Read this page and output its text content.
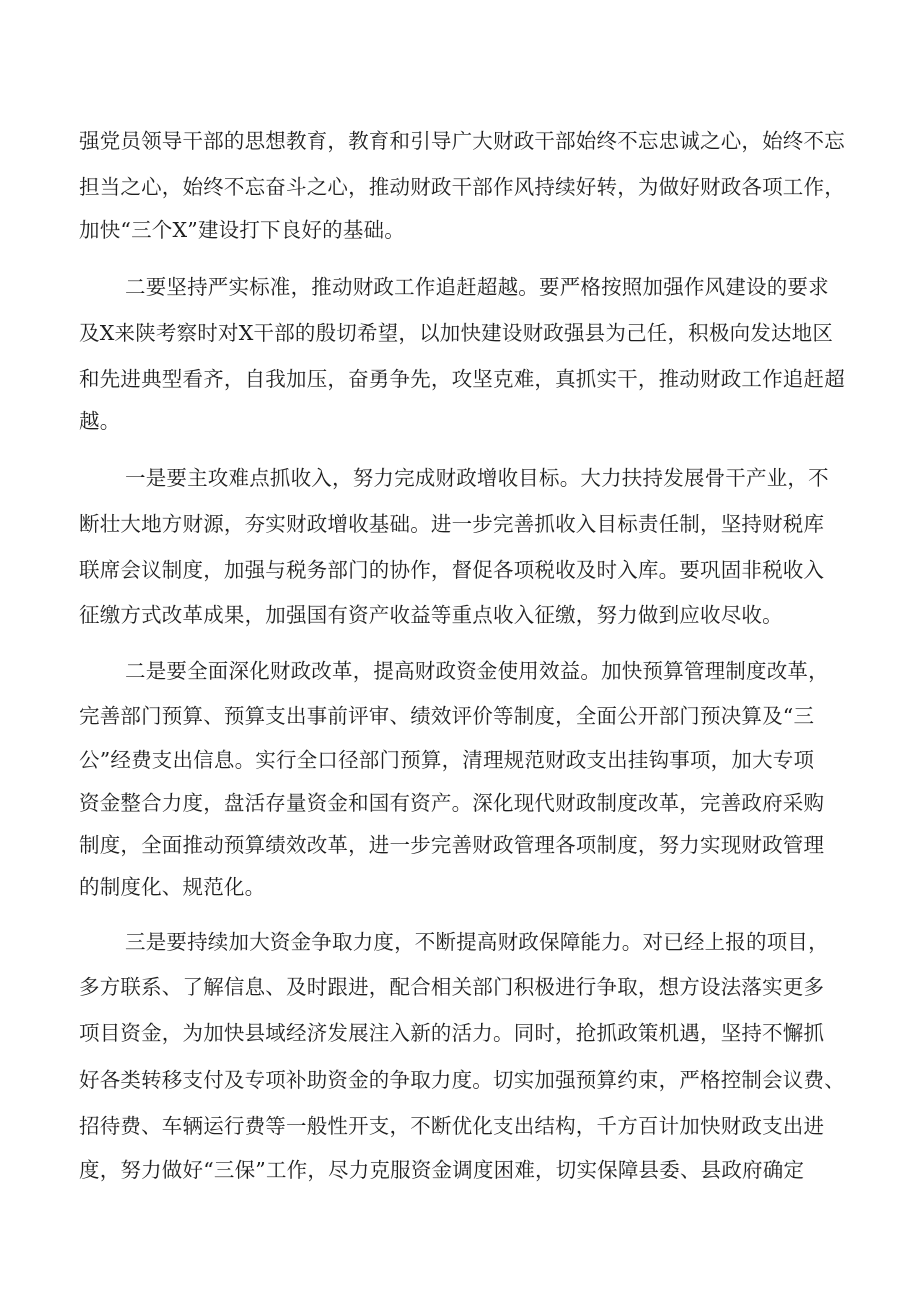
强党员领导干部的思想教育，教育和引导广大财政干部始终不忘忠诚之心，始终不忘
担当之心，始终不忘奋斗之心，推动财政干部作风持续好转，为做好财政各项工作，
加快“三个X”建设打下良好的基础。
二要坚持严实标准，推动财政工作追赶超越。要严格按照加强作风建设的要求
及X来陕考察时对X干部的殷切希望，以加快建设财政强县为己任，积极向发达地区
和先进典型看齐，自我加压，奋勇争先，攻坚克难，真抓实干，推动财政工作追赶超
越。
一是要主攻难点抓收入，努力完成财政增收目标。大力扶持发展骨干产业，不
断壮大地方财源，夯实财政增收基础。进一步完善抓收入目标责任制，坚持财税库
联席会议制度，加强与税务部门的协作，督促各项税收及时入库。要巩固非税收入
征缴方式改革成果，加强国有资产收益等重点收入征缴，努力做到应收尽收。
二是要全面深化财政改革，提高财政资金使用效益。加快预算管理制度改革，
完善部门预算、预算支出事前评审、绩效评价等制度，全面公开部门预决算及“三
公”经费支出信息。实行全口径部门预算，清理规范财政支出挂钩事项，加大专项
资金整合力度，盘活存量资金和国有资产。深化现代财政制度改革，完善政府采购
制度，全面推动预算绩效改革，进一步完善财政管理各项制度，努力实现财政管理
的制度化、规范化。
三是要持续加大资金争取力度，不断提高财政保障能力。对已经上报的项目，
多方联系、了解信息、及时跟进，配合相关部门积极进行争取，想方设法落实更多
项目资金，为加快县域经济发展注入新的活力。同时，抢抓政策机遇，坚持不懈抓
好各类转移支付及专项补助资金的争取力度。切实加强预算约束，严格控制会议费、
招待费、车辆运行费等一般性开支，不断优化支出结构，千方百计加快财政支出进
度，努力做好“三保”工作，尽力克服资金调度困难，切实保障县委、县政府确定
